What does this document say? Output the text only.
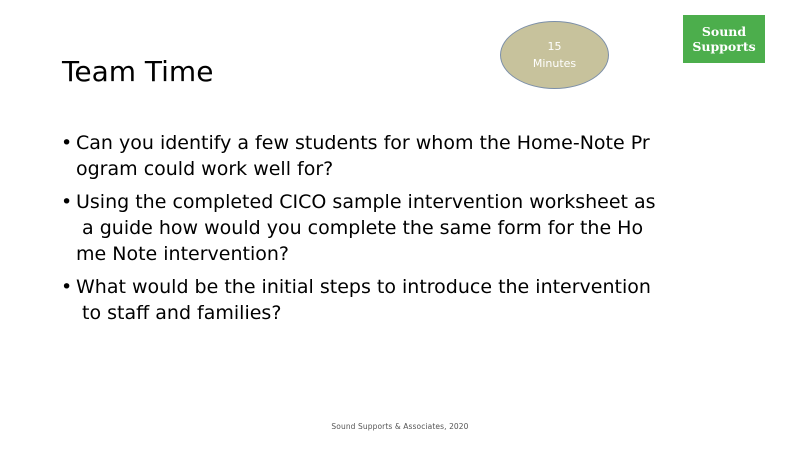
Team Time
15
Minutes
Sound
Supports
• Can you identify a few students for whom the Home-Note Pr
ogram could work well for?
• Using the completed CICO sample intervention worksheet as
a guide how would you complete the same form for the Ho
me Note intervention?
• What would be the initial steps to introduce the intervention
to staff and families?
Sound Supports & Associates, 2020
